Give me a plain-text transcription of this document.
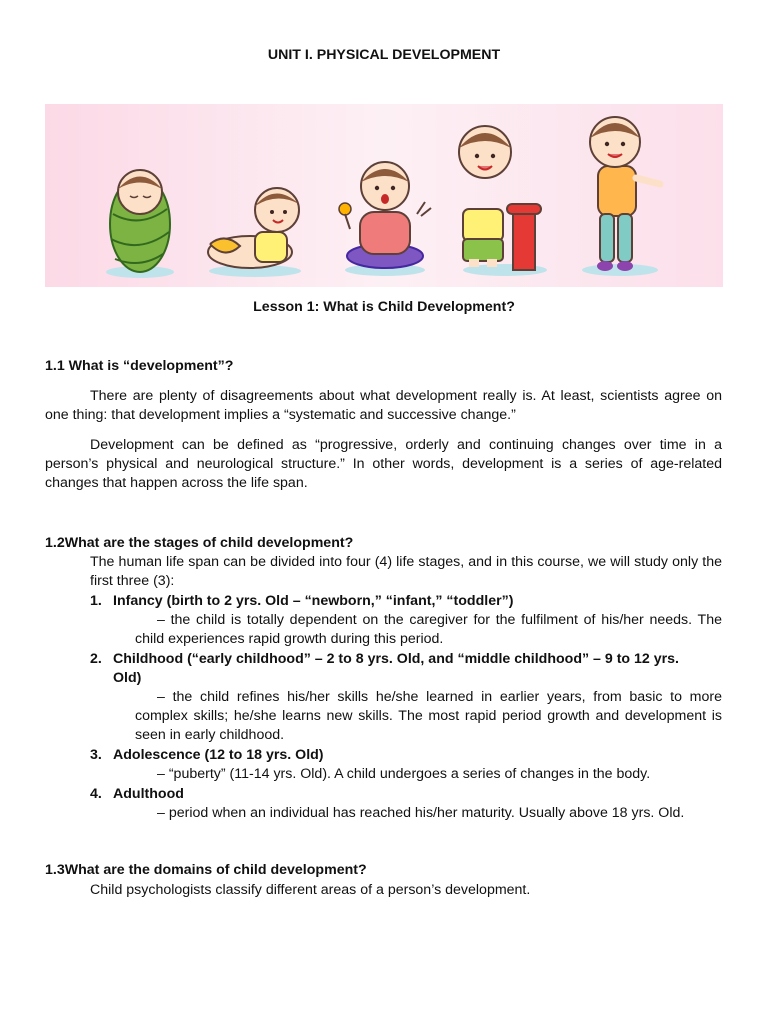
UNIT I. PHYSICAL DEVELOPMENT
Lesson 1: What is Child Development?
1.1 What is “development”?
There are plenty of disagreements about what development really is. At least, scientists agree on one thing: that development implies a “systematic and successive change.”
Development can be defined as “progressive, orderly and continuing changes over time in a person’s physical and neurological structure.” In other words, development is a series of age-related changes that happen across the life span.
1.2What are the stages of child development?
The human life span can be divided into four (4) life stages, and in this course, we will study only the first three (3):
1. Infancy (birth to 2 yrs. Old – “newborn,” “infant,” “toddler”)
– the child is totally dependent on the caregiver for the fulfilment of his/her needs. The child experiences rapid growth during this period.
2. Childhood (“early childhood” – 2 to 8 yrs. Old, and “middle childhood” – 9 to 12 yrs.
Old)
– the child refines his/her skills he/she learned in earlier years, from basic to more complex skills; he/she learns new skills. The most rapid period growth and development is seen in early childhood.
3. Adolescence (12 to 18 yrs. Old)
– “puberty” (11-14 yrs. Old). A child undergoes a series of changes in the body.
4. Adulthood
– period when an individual has reached his/her maturity. Usually above 18 yrs. Old.
1.3What are the domains of child development?
Child psychologists classify different areas of a person’s development.
